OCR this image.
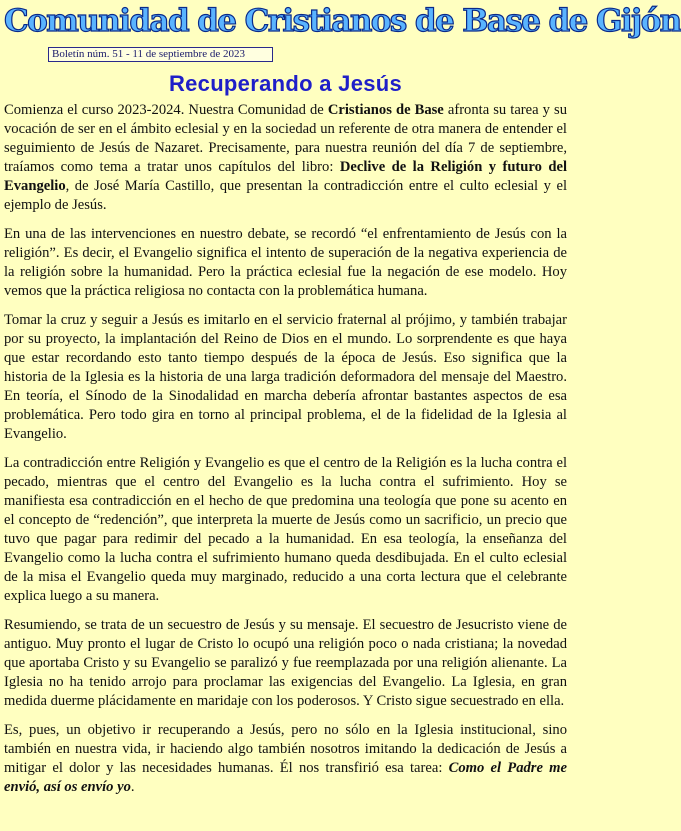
Comunidad de Cristianos de Base de Gijón
Boletín núm. 51 - 11 de septiembre de 2023
Recuperando a Jesús

Comienza el curso 2023-2024. Nuestra Comunidad de Cristianos de Base afronta su tarea y su vocación de ser en el ámbito eclesial y en la sociedad un referente de otra manera de entender el seguimiento de Jesús de Nazaret. Precisamente, para nuestra reunión del día 7 de septiembre, traíamos como tema a tratar unos capítulos del libro: Declive de la Religión y futuro del Evangelio, de José María Castillo, que presentan la contradicción entre el culto eclesial y el ejemplo de Jesús.

En una de las intervenciones en nuestro debate, se recordó “el enfrentamiento de Jesús con la religión”. Es decir, el Evangelio significa el intento de superación de la negativa experiencia de la religión sobre la humanidad. Pero la práctica eclesial fue la negación de ese modelo. Hoy vemos que la práctica religiosa no contacta con la problemática humana.

Tomar la cruz y seguir a Jesús es imitarlo en el servicio fraternal al prójimo, y también trabajar por su proyecto, la implantación del Reino de Dios en el mundo. Lo sorprendente es que haya que estar recordando esto tanto tiempo después de la época de Jesús. Eso significa que la historia de la Iglesia es la historia de una larga tradición deformadora del mensaje del Maestro. En teoría, el Sínodo de la Sinodalidad en marcha debería afrontar bastantes aspectos de esa problemática. Pero todo gira en torno al principal problema, el de la fidelidad de la Iglesia al Evangelio.

La contradicción entre Religión y Evangelio es que el centro de la Religión es la lucha contra el pecado, mientras que el centro del Evangelio es la lucha contra el sufrimiento. Hoy se manifiesta esa contradicción en el hecho de que predomina una teología que pone su acento en el concepto de “redención”, que interpreta la muerte de Jesús como un sacrificio, un precio que tuvo que pagar para redimir del pecado a la humanidad. En esa teología, la enseñanza del Evangelio como la lucha contra el sufrimiento humano queda desdibujada. En el culto eclesial de la misa el Evangelio queda muy marginado, reducido a una corta lectura que el celebrante explica luego a su manera.

Resumiendo, se trata de un secuestro de Jesús y su mensaje. El secuestro de Jesucristo viene de antiguo. Muy pronto el lugar de Cristo lo ocupó una religión poco o nada cristiana; la novedad que aportaba Cristo y su Evangelio se paralizó y fue reemplazada por una religión alienante. La Iglesia no ha tenido arrojo para proclamar las exigencias del Evangelio. La Iglesia, en gran medida duerme plácidamente en maridaje con los poderosos. Y Cristo sigue secuestrado en ella.

Es, pues, un objetivo ir recuperando a Jesús, pero no sólo en la Iglesia institucional, sino también en nuestra vida, ir haciendo algo también nosotros imitando la dedicación de Jesús a mitigar el dolor y las necesidades humanas. Él nos transfirió esa tarea: Como el Padre me envió, así os envío yo.
